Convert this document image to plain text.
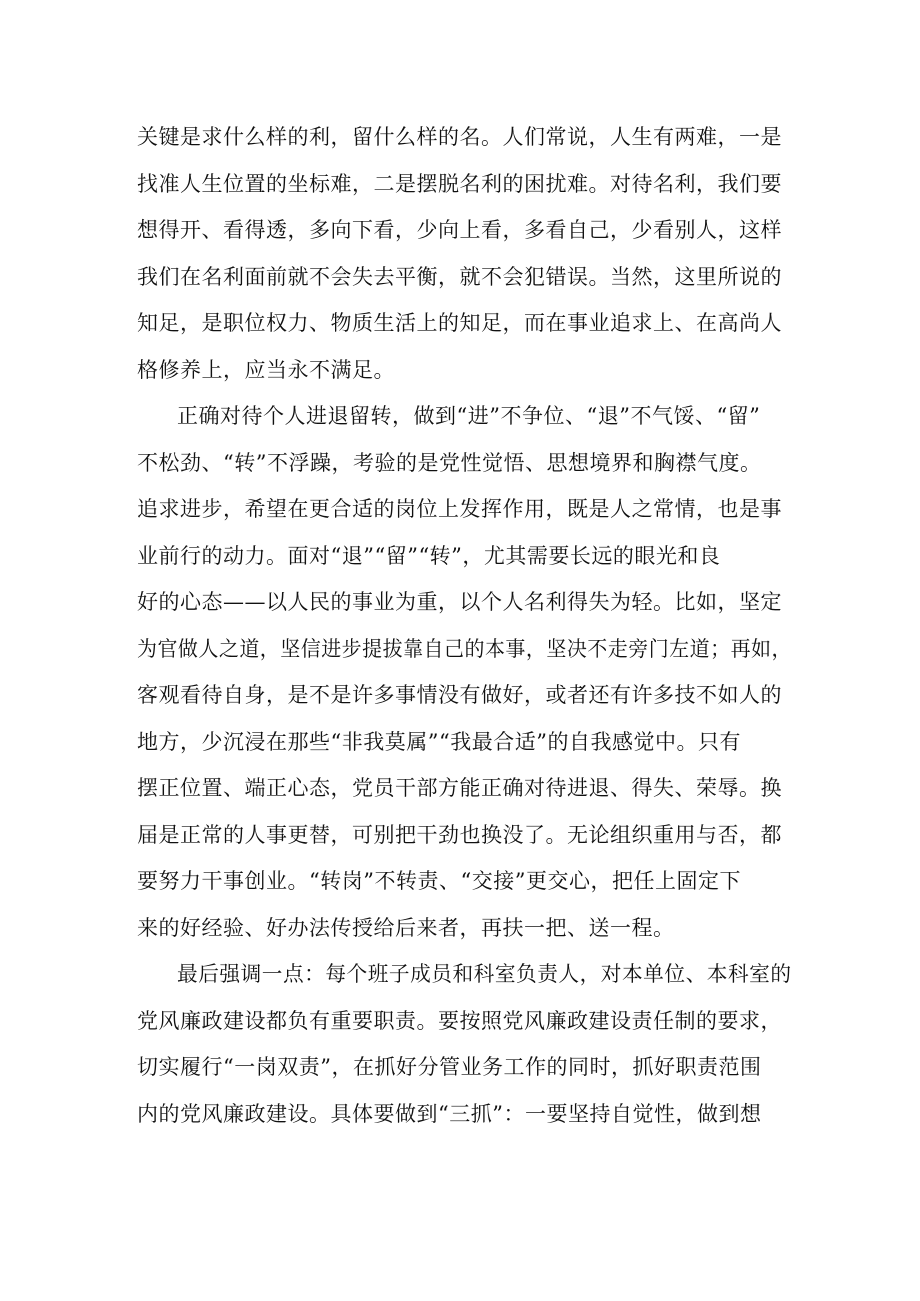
关键是求什么样的利，留什么样的名。人们常说，人生有两难，一是
找准人生位置的坐标难，二是摆脱名利的困扰难。对待名利，我们要
想得开、看得透，多向下看，少向上看，多看自己，少看别人，这样
我们在名利面前就不会失去平衡，就不会犯错误。当然，这里所说的
知足，是职位权力、物质生活上的知足，而在事业追求上、在高尚人
格修养上，应当永不满足。
正确对待个人进退留转，做到“进”不争位、“退”不气馁、“留”
不松劲、“转”不浮躁，考验的是党性觉悟、思想境界和胸襟气度。
追求进步，希望在更合适的岗位上发挥作用，既是人之常情，也是事
业前行的动力。面对“退”“留”“转”，尤其需要长远的眼光和良
好的心态——以人民的事业为重，以个人名利得失为轻。比如，坚定
为官做人之道，坚信进步提拔靠自己的本事，坚决不走旁门左道；再如，
客观看待自身，是不是许多事情没有做好，或者还有许多技不如人的
地方，少沉浸在那些“非我莫属”“我最合适”的自我感觉中。只有
摆正位置、端正心态，党员干部方能正确对待进退、得失、荣辱。换
届是正常的人事更替，可别把干劲也换没了。无论组织重用与否，都
要努力干事创业。“转岗”不转责、“交接”更交心，把任上固定下
来的好经验、好办法传授给后来者，再扶一把、送一程。
最后强调一点：每个班子成员和科室负责人，对本单位、本科室的
党风廉政建设都负有重要职责。要按照党风廉政建设责任制的要求，
切实履行“一岗双责”，在抓好分管业务工作的同时，抓好职责范围
内的党风廉政建设。具体要做到“三抓”：一要坚持自觉性，做到想
